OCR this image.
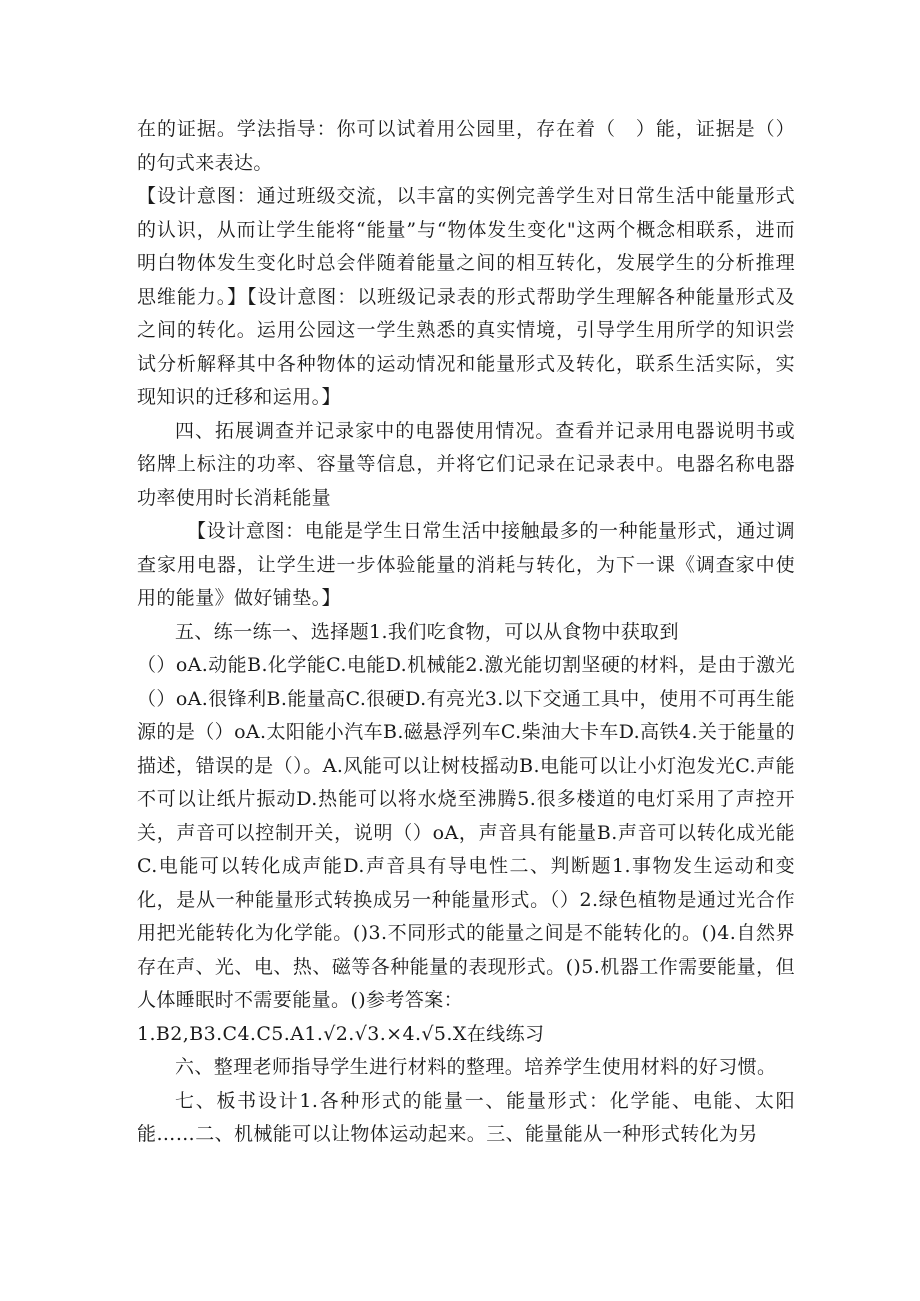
在的证据。学法指导：你可以试着用公园里，存在着（　）能，证据是（）的句式来表达。

【设计意图：通过班级交流，以丰富的实例完善学生对日常生活中能量形式的认识，从而让学生能将“能量”与“物体发生变化"这两个概念相联系，进而明白物体发生变化时总会伴随着能量之间的相互转化，发展学生的分析推理思维能力。】【设计意图：以班级记录表的形式帮助学生理解各种能量形式及之间的转化。运用公园这一学生熟悉的真实情境，引导学生用所学的知识尝试分析解释其中各种物体的运动情况和能量形式及转化，联系生活实际，实现知识的迁移和运用。】

四、拓展调查并记录家中的电器使用情况。查看并记录用电器说明书或铭牌上标注的功率、容量等信息，并将它们记录在记录表中。电器名称电器功率使用时长消耗能量

【设计意图：电能是学生日常生活中接触最多的一种能量形式，通过调查家用电器，让学生进一步体验能量的消耗与转化，为下一课《调查家中使用的能量》做好铺垫。】

五、练一练一、选择题1.我们吃食物，可以从食物中获取到

（）oA.动能B.化学能C.电能D.机械能2.激光能切割坚硬的材料，是由于激光（）oA.很锋利B.能量高C.很硬D.有亮光3.以下交通工具中，使用不可再生能源的是（）oA.太阳能小汽车B.磁悬浮列车C.柴油大卡车D.高铁4.关于能量的描述，错误的是（）。A.风能可以让树枝摇动B.电能可以让小灯泡发光C.声能不可以让纸片振动D.热能可以将水烧至沸腾5.很多楼道的电灯采用了声控开关，声音可以控制开关，说明（）oA，声音具有能量B.声音可以转化成光能C.电能可以转化成声能D.声音具有导电性二、判断题1.事物发生运动和变化，是从一种能量形式转换成另一种能量形式。（）2.绿色植物是通过光合作用把光能转化为化学能。()3.不同形式的能量之间是不能转化的。()4.自然界存在声、光、电、热、磁等各种能量的表现形式。()5.机器工作需要能量，但人体睡眠时不需要能量。()参考答案：

1.B2,B3.C4.C5.A1.√2.√3.×4.√5.X在线练习

六、整理老师指导学生进行材料的整理。培养学生使用材料的好习惯。

七、板书设计1.各种形式的能量一、能量形式：化学能、电能、太阳能……二、机械能可以让物体运动起来。三、能量能从一种形式转化为另
